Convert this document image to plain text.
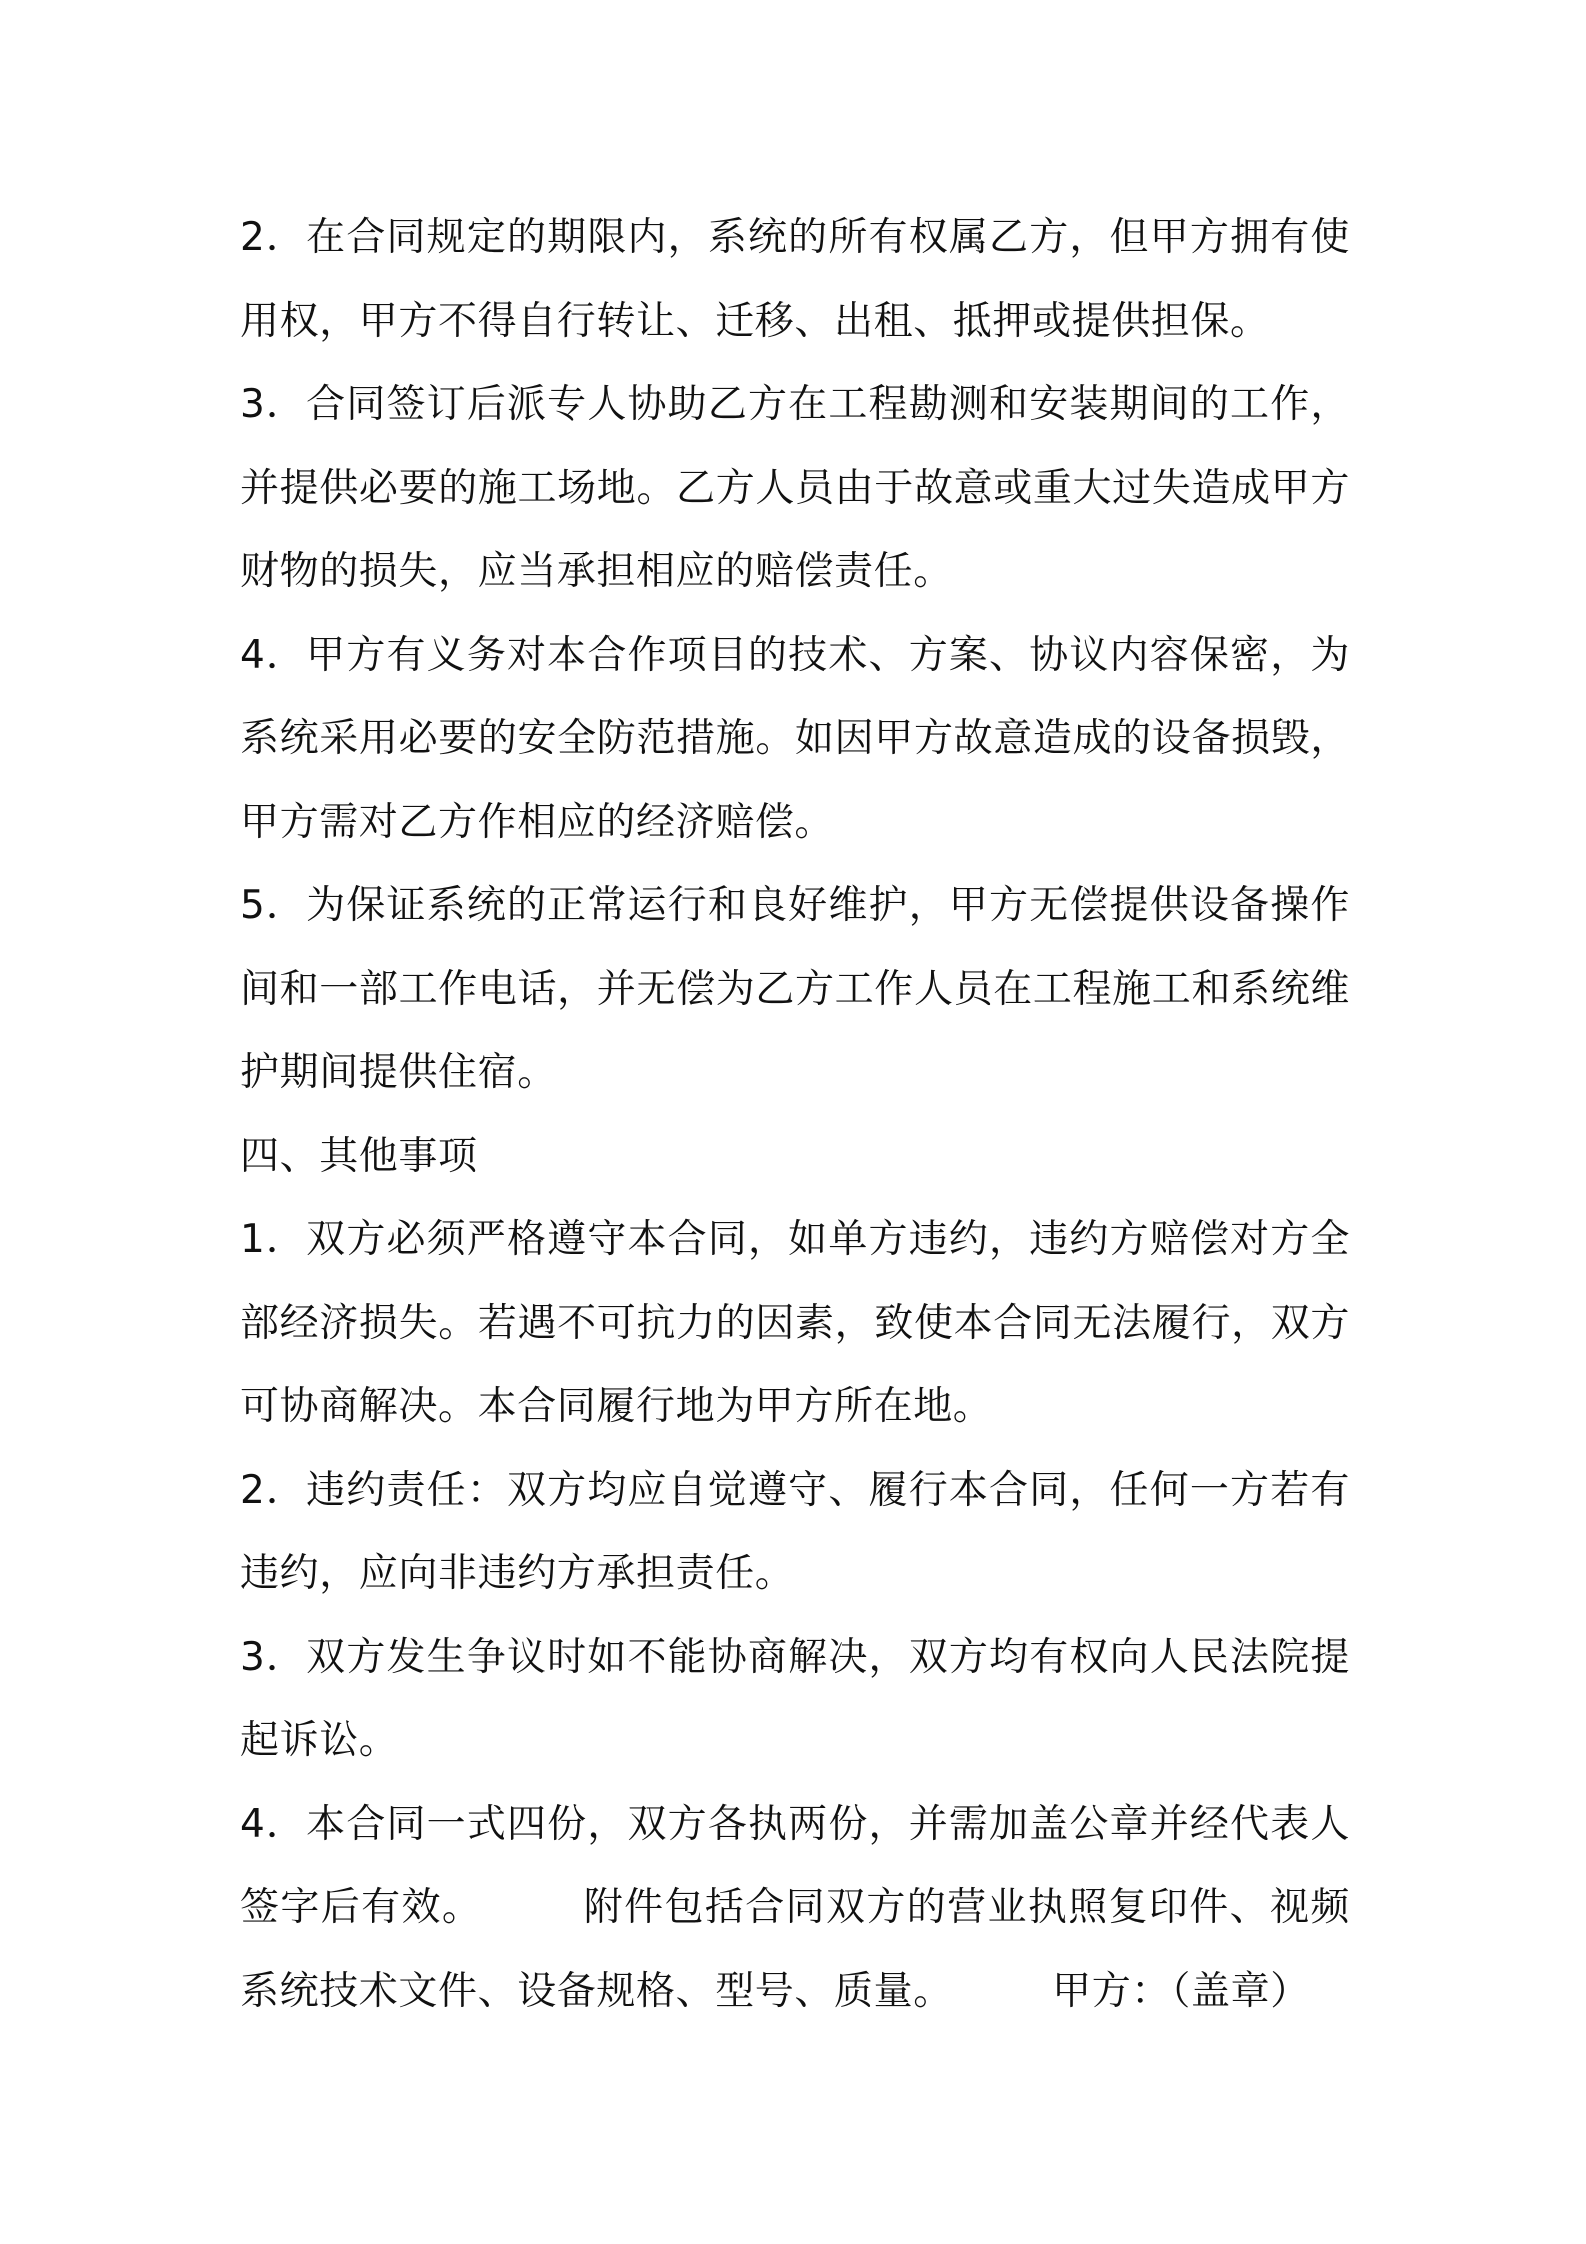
2．在合同规定的期限内，系统的所有权属乙方，但甲方拥有使用权，甲方不得自行转让、迁移、出租、抵押或提供担保。

3．合同签订后派专人协助乙方在工程勘测和安装期间的工作，并提供必要的施工场地。乙方人员由于故意或重大过失造成甲方财物的损失，应当承担相应的赔偿责任。

4．甲方有义务对本合作项目的技术、方案、协议内容保密，为系统采用必要的安全防范措施。如因甲方故意造成的设备损毁，甲方需对乙方作相应的经济赔偿。

5．为保证系统的正常运行和良好维护，甲方无偿提供设备操作间和一部工作电话，并无偿为乙方工作人员在工程施工和系统维护期间提供住宿。

四、其他事项

1．双方必须严格遵守本合同，如单方违约，违约方赔偿对方全部经济损失。若遇不可抗力的因素，致使本合同无法履行，双方可协商解决。本合同履行地为甲方所在地。

2．违约责任：双方均应自觉遵守、履行本合同，任何一方若有违约，应向非违约方承担责任。

3．双方发生争议时如不能协商解决，双方均有权向人民法院提起诉讼。

4．本合同一式四份，双方各执两份，并需加盖公章并经代表人签字后有效。　　　附件包括合同双方的营业执照复印件、视频系统技术文件、设备规格、型号、质量。　　　甲方：（盖章）
